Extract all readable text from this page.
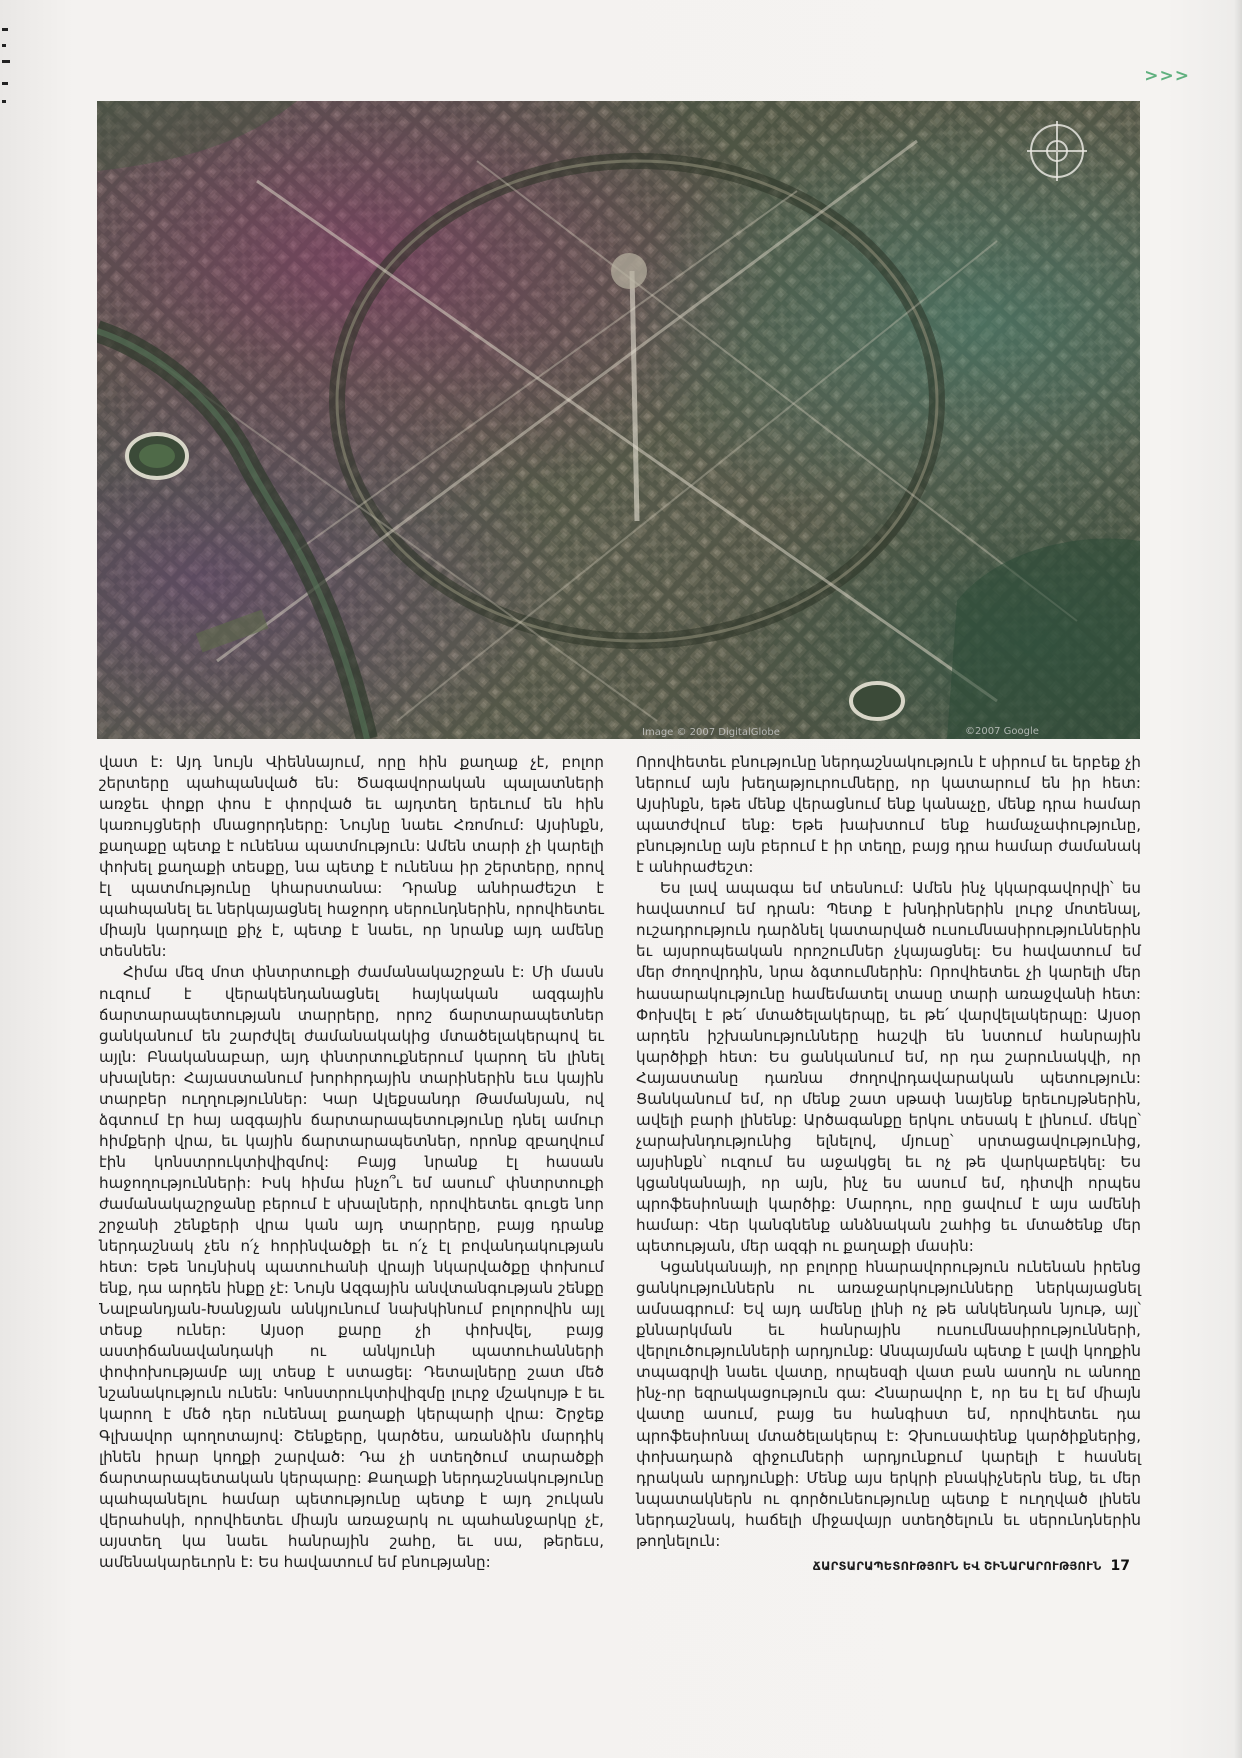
>>>
Image © 2007 DigitalGlobe	©2007 Google

վատ է: Այդ նույն Վիեննայում, որը հին քաղաք չէ, բոլոր շերտերը պահպանված են: Ծագավորական պալատների առջեւ փոքր փոս է փորված եւ այդտեղ երեւում են հին կառույցների մնացորդները: Նույնը նաեւ Հռոմում: Այսինքն, քաղաքը պետք է ունենա պատմություն: Ամեն տարի չի կարելի փոխել քաղաքի տեսքը, նա պետք է ունենա իր շերտերը, որով էլ պատմությունը կհարստանա: Դրանք անհրաժեշտ է պահպանել եւ ներկայացնել հաջորդ սերունդներին, որովհետեւ միայն կարդալը քիչ է, պետք է նաեւ, որ նրանք այդ ամենը տեսնեն:

Հիմա մեզ մոտ փնտրտուքի ժամանակաշրջան է: Մի մասն ուզում է վերակենդանացնել հայկական ազգային ճարտարապետության տարրերը, որոշ ճարտարապետներ ցանկանում են շարժվել ժամանակակից մտածելակերպով եւ այլն: Բնականաբար, այդ փնտրտուքներում կարող են լինել սխալներ: Հայաստանում խորհրդային տարիներին եւս կային տարբեր ուղղություններ: Կար Ալեքսանդր Թամանյան, ով ձգտում էր հայ ազգային ճարտարապետությունը դնել ամուր հիմքերի վրա, եւ կային ճարտարապետներ, որոնք զբաղվում էին կոնստրուկտիվիզմով: Բայց նրանք էլ հասան հաջողությունների: Իսկ հիմա ինչո՞ւ եմ ասում՝ փնտրտուքի ժամանակաշրջանը բերում է սխալների, որովհետեւ գուցե նոր շրջանի շենքերի վրա կան այդ տարրերը, բայց դրանք ներդաշնակ չեն ո՛չ հորինվածքի եւ ո՛չ էլ բովանդակության հետ: Եթե նույնիսկ պատուհանի վրայի նկարվածքը փոխում ենք, դա արդեն ինքը չէ: Նույն Ազգային անվտանգության շենքը Նալբանդյան-Խանջյան անկյունում նախկինում բոլորովին այլ տեսք ուներ: Այսօր քարը չի փոխվել, բայց աստիճանավանդակի ու անկյունի պատուհանների փոփոխությամբ այլ տեսք է ստացել: Դետալները շատ մեծ նշանակություն ունեն: Կոնստրուկտիվիզմը լուրջ մշակույթ է եւ կարող է մեծ դեր ունենալ քաղաքի կերպարի վրա: Շրջեք Գլխավոր պողոտայով: Շենքերը, կարծես, առանձին մարդիկ լինեն իրար կողքի շարված: Դա չի ստեղծում տարածքի ճարտարապետական կերպարը: Քաղաքի ներդաշնակությունը պահպանելու համար պետությունը պետք է այդ շուկան վերահսկի, որովհետեւ միայն առաջարկ ու պահանջարկը չէ, այստեղ կա նաեւ հանրային շահը, եւ սա, թերեւս, ամենակարեւորն է: Ես հավատում եմ բնությանը:

Որովհետեւ բնությունը ներդաշնակություն է սիրում եւ երբեք չի ներում այն խեղաթյուրումները, որ կատարում են իր հետ: Այսինքն, եթե մենք վերացնում ենք կանաչը, մենք դրա համար պատժվում ենք: Եթե խախտում ենք համաչափությունը, բնությունը այն բերում է իր տեղը, բայց դրա համար ժամանակ է անհրաժեշտ:

Ես լավ ապագա եմ տեսնում: Ամեն ինչ կկարգավորվի՝ ես հավատում եմ դրան: Պետք է խնդիրներին լուրջ մոտենալ, ուշադրություն դարձնել կատարված ուսումնասիրություններին եւ այսրոպեական որոշումներ չկայացնել: Ես հավատում եմ մեր ժողովրդին, նրա ձգտումներին: Որովհետեւ չի կարելի մեր հասարակությունը համեմատել տասը տարի առաջվանի հետ: Փոխվել է թե՛ մտածելակերպը, եւ թե՛ վարվելակերպը: Այսօր արդեն իշխանությունները հաշվի են նստում հանրային կարծիքի հետ: Ես ցանկանում եմ, որ դա շարունակվի, որ Հայաստանը դառնա ժողովրդավարական պետություն: Ցանկանում եմ, որ մենք շատ սթափ նայենք երեւույթներին, ավելի բարի լինենք: Արծագանքը երկու տեսակ է լինում. մեկը՝ չարախնդությունից ելնելով, մյուսը՝ սրտացավությունից, այսինքն՝ ուզում ես աջակցել եւ ոչ թե վարկաբեկել: Ես կցանկանայի, որ այն, ինչ ես ասում եմ, դիտվի որպես պրոֆեսիոնալի կարծիք: Մարդու, որը ցավում է այս ամենի համար: Վեր կանգնենք անձնական շահից եւ մտածենք մեր պետության, մեր ազգի ու քաղաքի մասին:

Կցանկանայի, որ բոլորը հնարավորություն ունենան իրենց ցանկություններն ու առաջարկությունները ներկայացնել ամսագրում: Եվ այդ ամենը լինի ոչ թե անկենդան նյութ, այլ՝ քննարկման եւ հանրային ուսումնասիրությունների, վերլուծությունների արդյունք: Անպայման պետք է լավի կողքին տպագրվի նաեւ վատը, որպեսզի վատ բան ասողն ու անողը ինչ-որ եզրակացություն գա: Հնարավոր է, որ ես էլ եմ միայն վատը ասում, բայց ես հանգիստ եմ, որովհետեւ դա պրոֆեսիոնալ մտածելակերպ է: Չխուսափենք կարծիքներից, փոխադարձ զիջումների արդյունքում կարելի է հասնել դրական արդյունքի: Մենք այս երկրի բնակիչներն ենք, եւ մեր նպատակներն ու գործունեությունը պետք է ուղղված լինեն ներդաշնակ, հաճելի միջավայր ստեղծելուն եւ սերունդներին թողնելուն:

ՃԱՐՏԱՐԱՊԵՏՈՒԹՅՈՒՆ ԵՎ ՇԻՆԱՐԱՐՈՒԹՅՈՒՆ 17
